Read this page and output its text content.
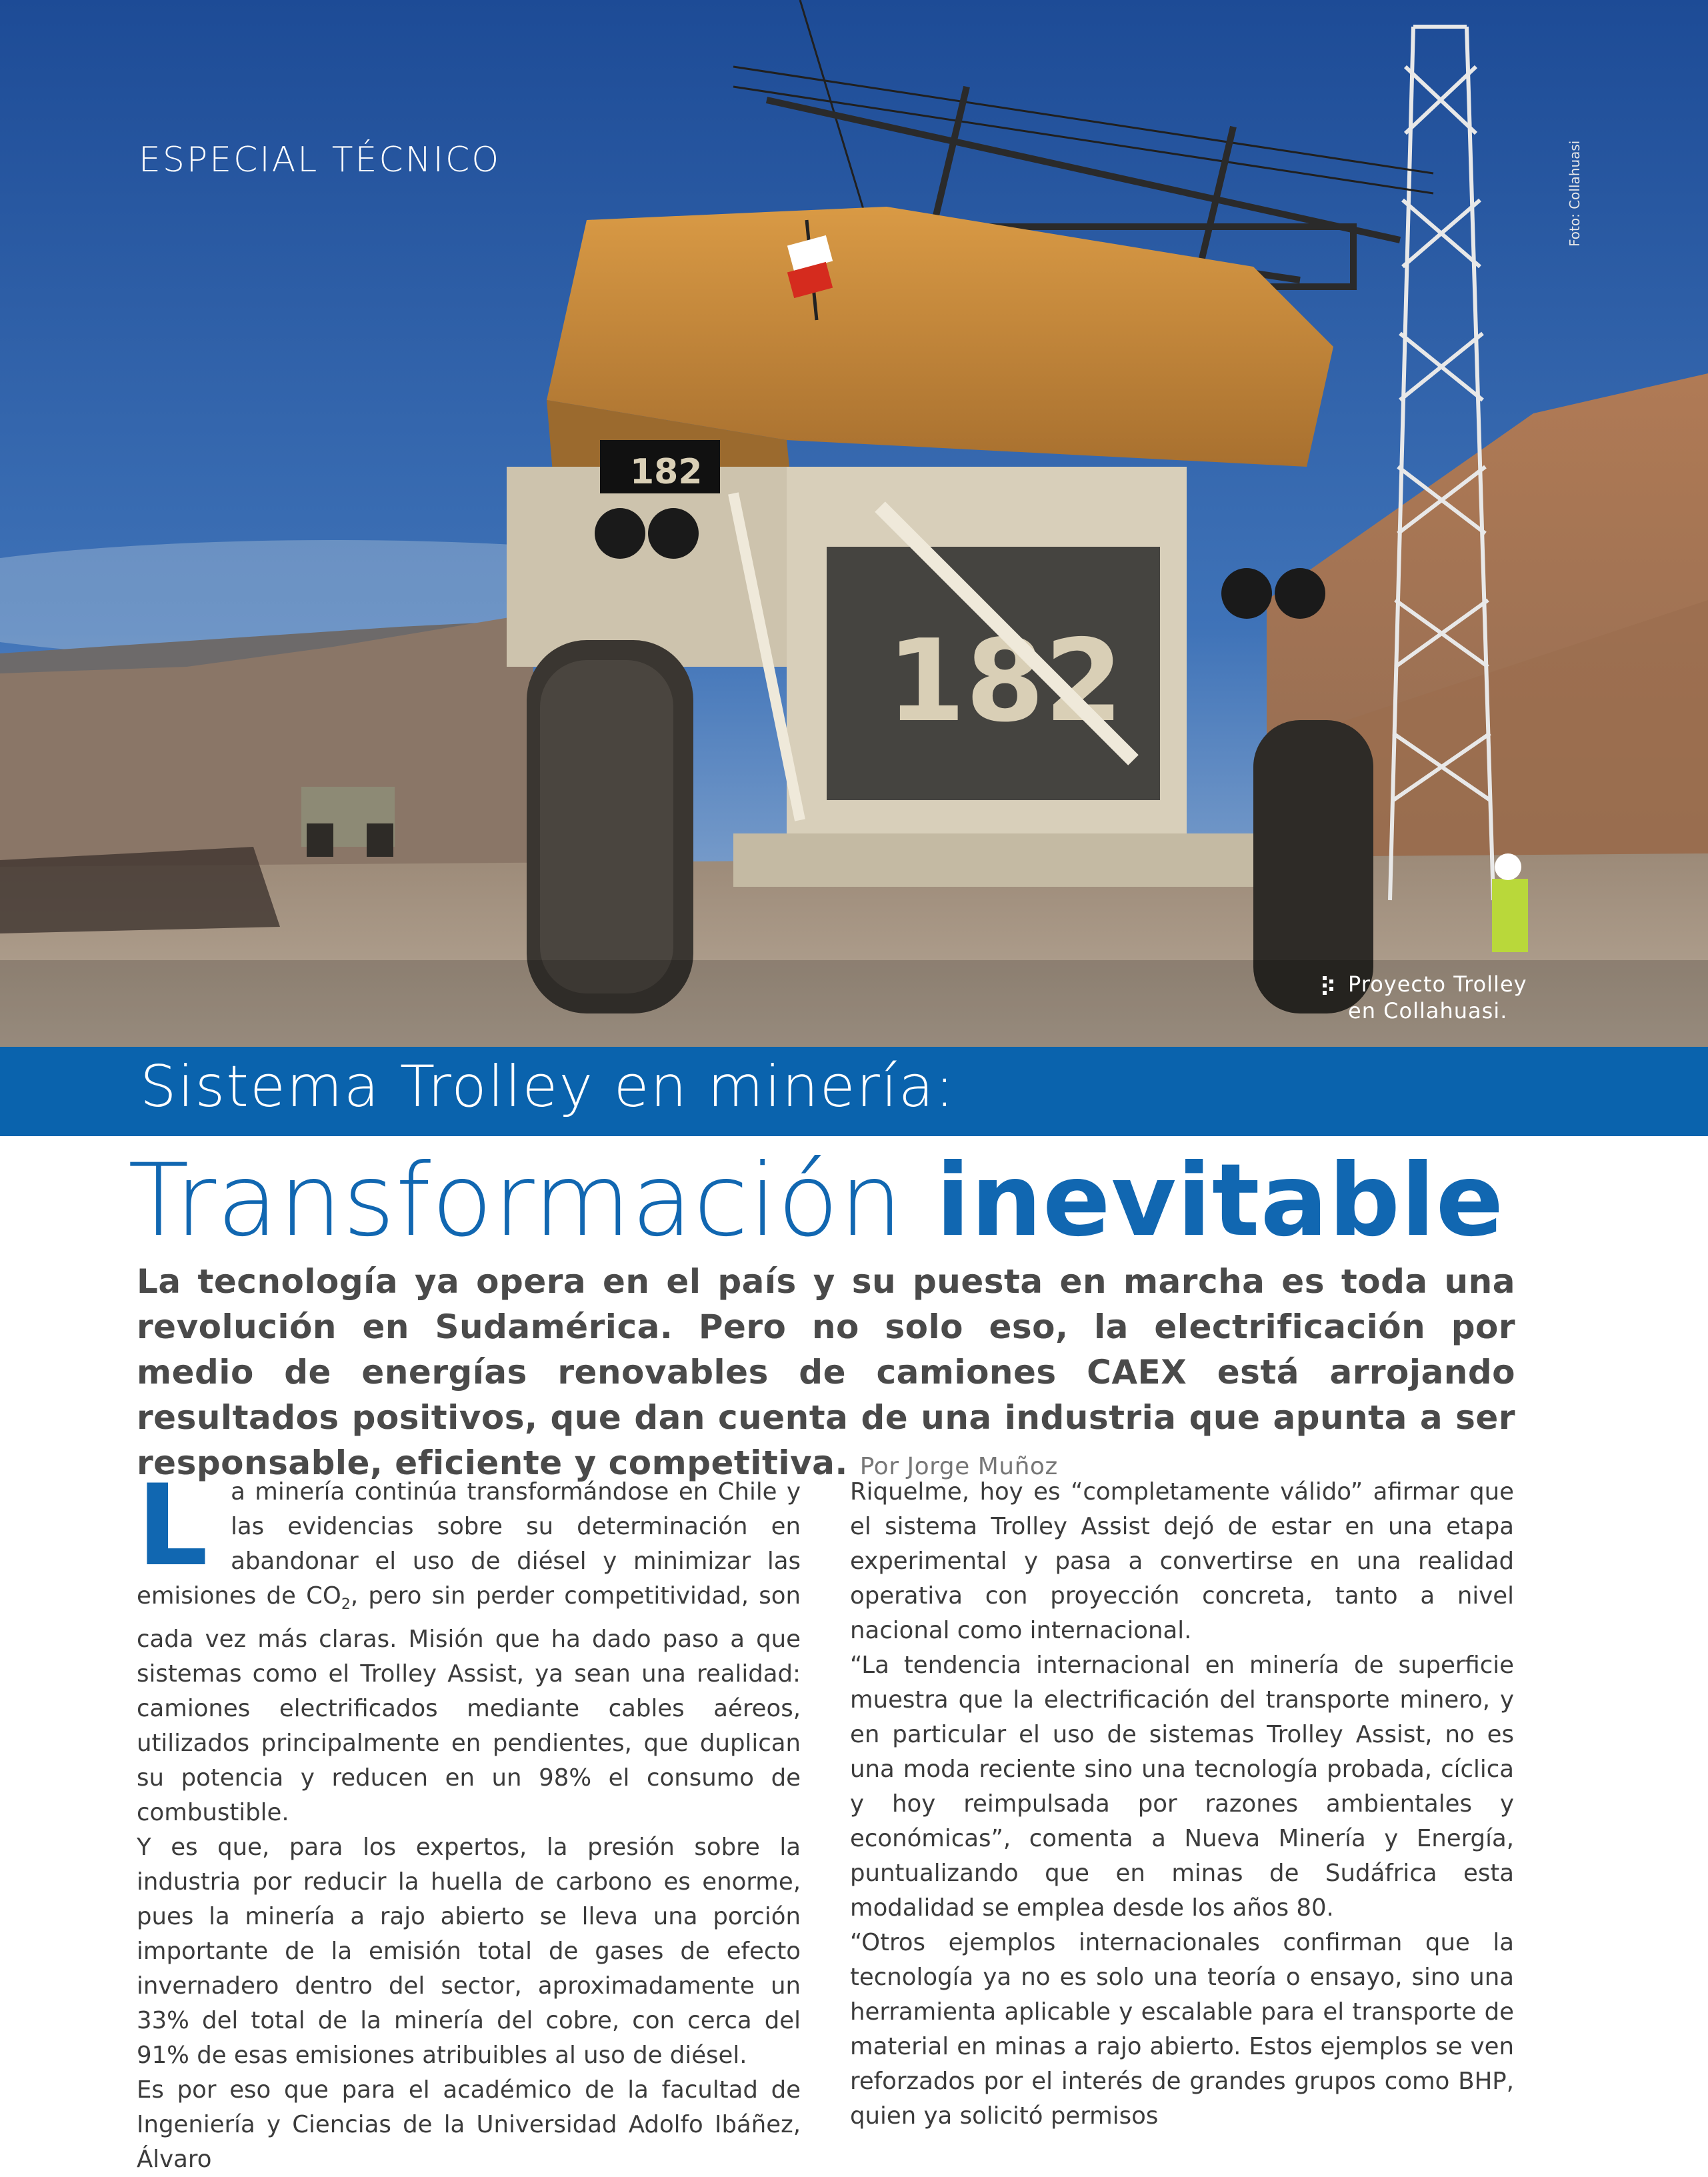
182
182
ESPECIAL TÉCNICO	Foto: Collahuasi
Proyecto Trolley
en Collahuasi.
Sistema Trolley en minería:
Transformación inevitable
La tecnología ya opera en el país y su puesta en marcha es toda una revolución en Sudamérica. Pero no solo eso, la electrificación por medio de energías renovables de camiones CAEX está arrojando resultados positivos, que dan cuenta de una industria que apunta a ser responsable, eficiente y competitiva. Por Jorge Muñoz

La minería continúa transformándose en Chile y las evidencias sobre su determinación en abandonar el uso de diésel y minimizar las emisiones de $CO_2$, pero sin perder competitividad, son cada vez más claras. Misión que ha dado paso a que sistemas como el Trolley Assist, ya sean una realidad: camiones electrificados mediante cables aéreos, utilizados principalmente en pendientes, que duplican su potencia y reducen en un 98% el consumo de combustible.

Y es que, para los expertos, la presión sobre la industria por reducir la huella de carbono es enorme, pues la minería a rajo abierto se lleva una porción importante de la emisión total de gases de efecto invernadero dentro del sector, aproximadamente un 33% del total de la minería del cobre, con cerca del 91% de esas emisiones atribuibles al uso de diésel.

Es por eso que para el académico de la facultad de Ingeniería y Ciencias de la Universidad Adolfo Ibáñez, Álvaro

Riquelme, hoy es “completamente válido” afirmar que el sistema Trolley Assist dejó de estar en una etapa experimental y pasa a convertirse en una realidad operativa con proyección concreta, tanto a nivel nacional como internacional.

“La tendencia internacional en minería de superficie muestra que la electrificación del transporte minero, y en particular el uso de sistemas Trolley Assist, no es una moda reciente sino una tecnología probada, cíclica y hoy reimpulsada por razones ambientales y económicas”, comenta a Nueva Minería y Energía, puntualizando que en minas de Sudáfrica esta modalidad se emplea desde los años 80.

“Otros ejemplos internacionales confirman que la tecnología ya no es solo una teoría o ensayo, sino una herramienta aplicable y escalable para el transporte de material en minas a rajo abierto. Estos ejemplos se ven reforzados por el interés de grandes grupos como BHP, quien ya solicitó permisos
